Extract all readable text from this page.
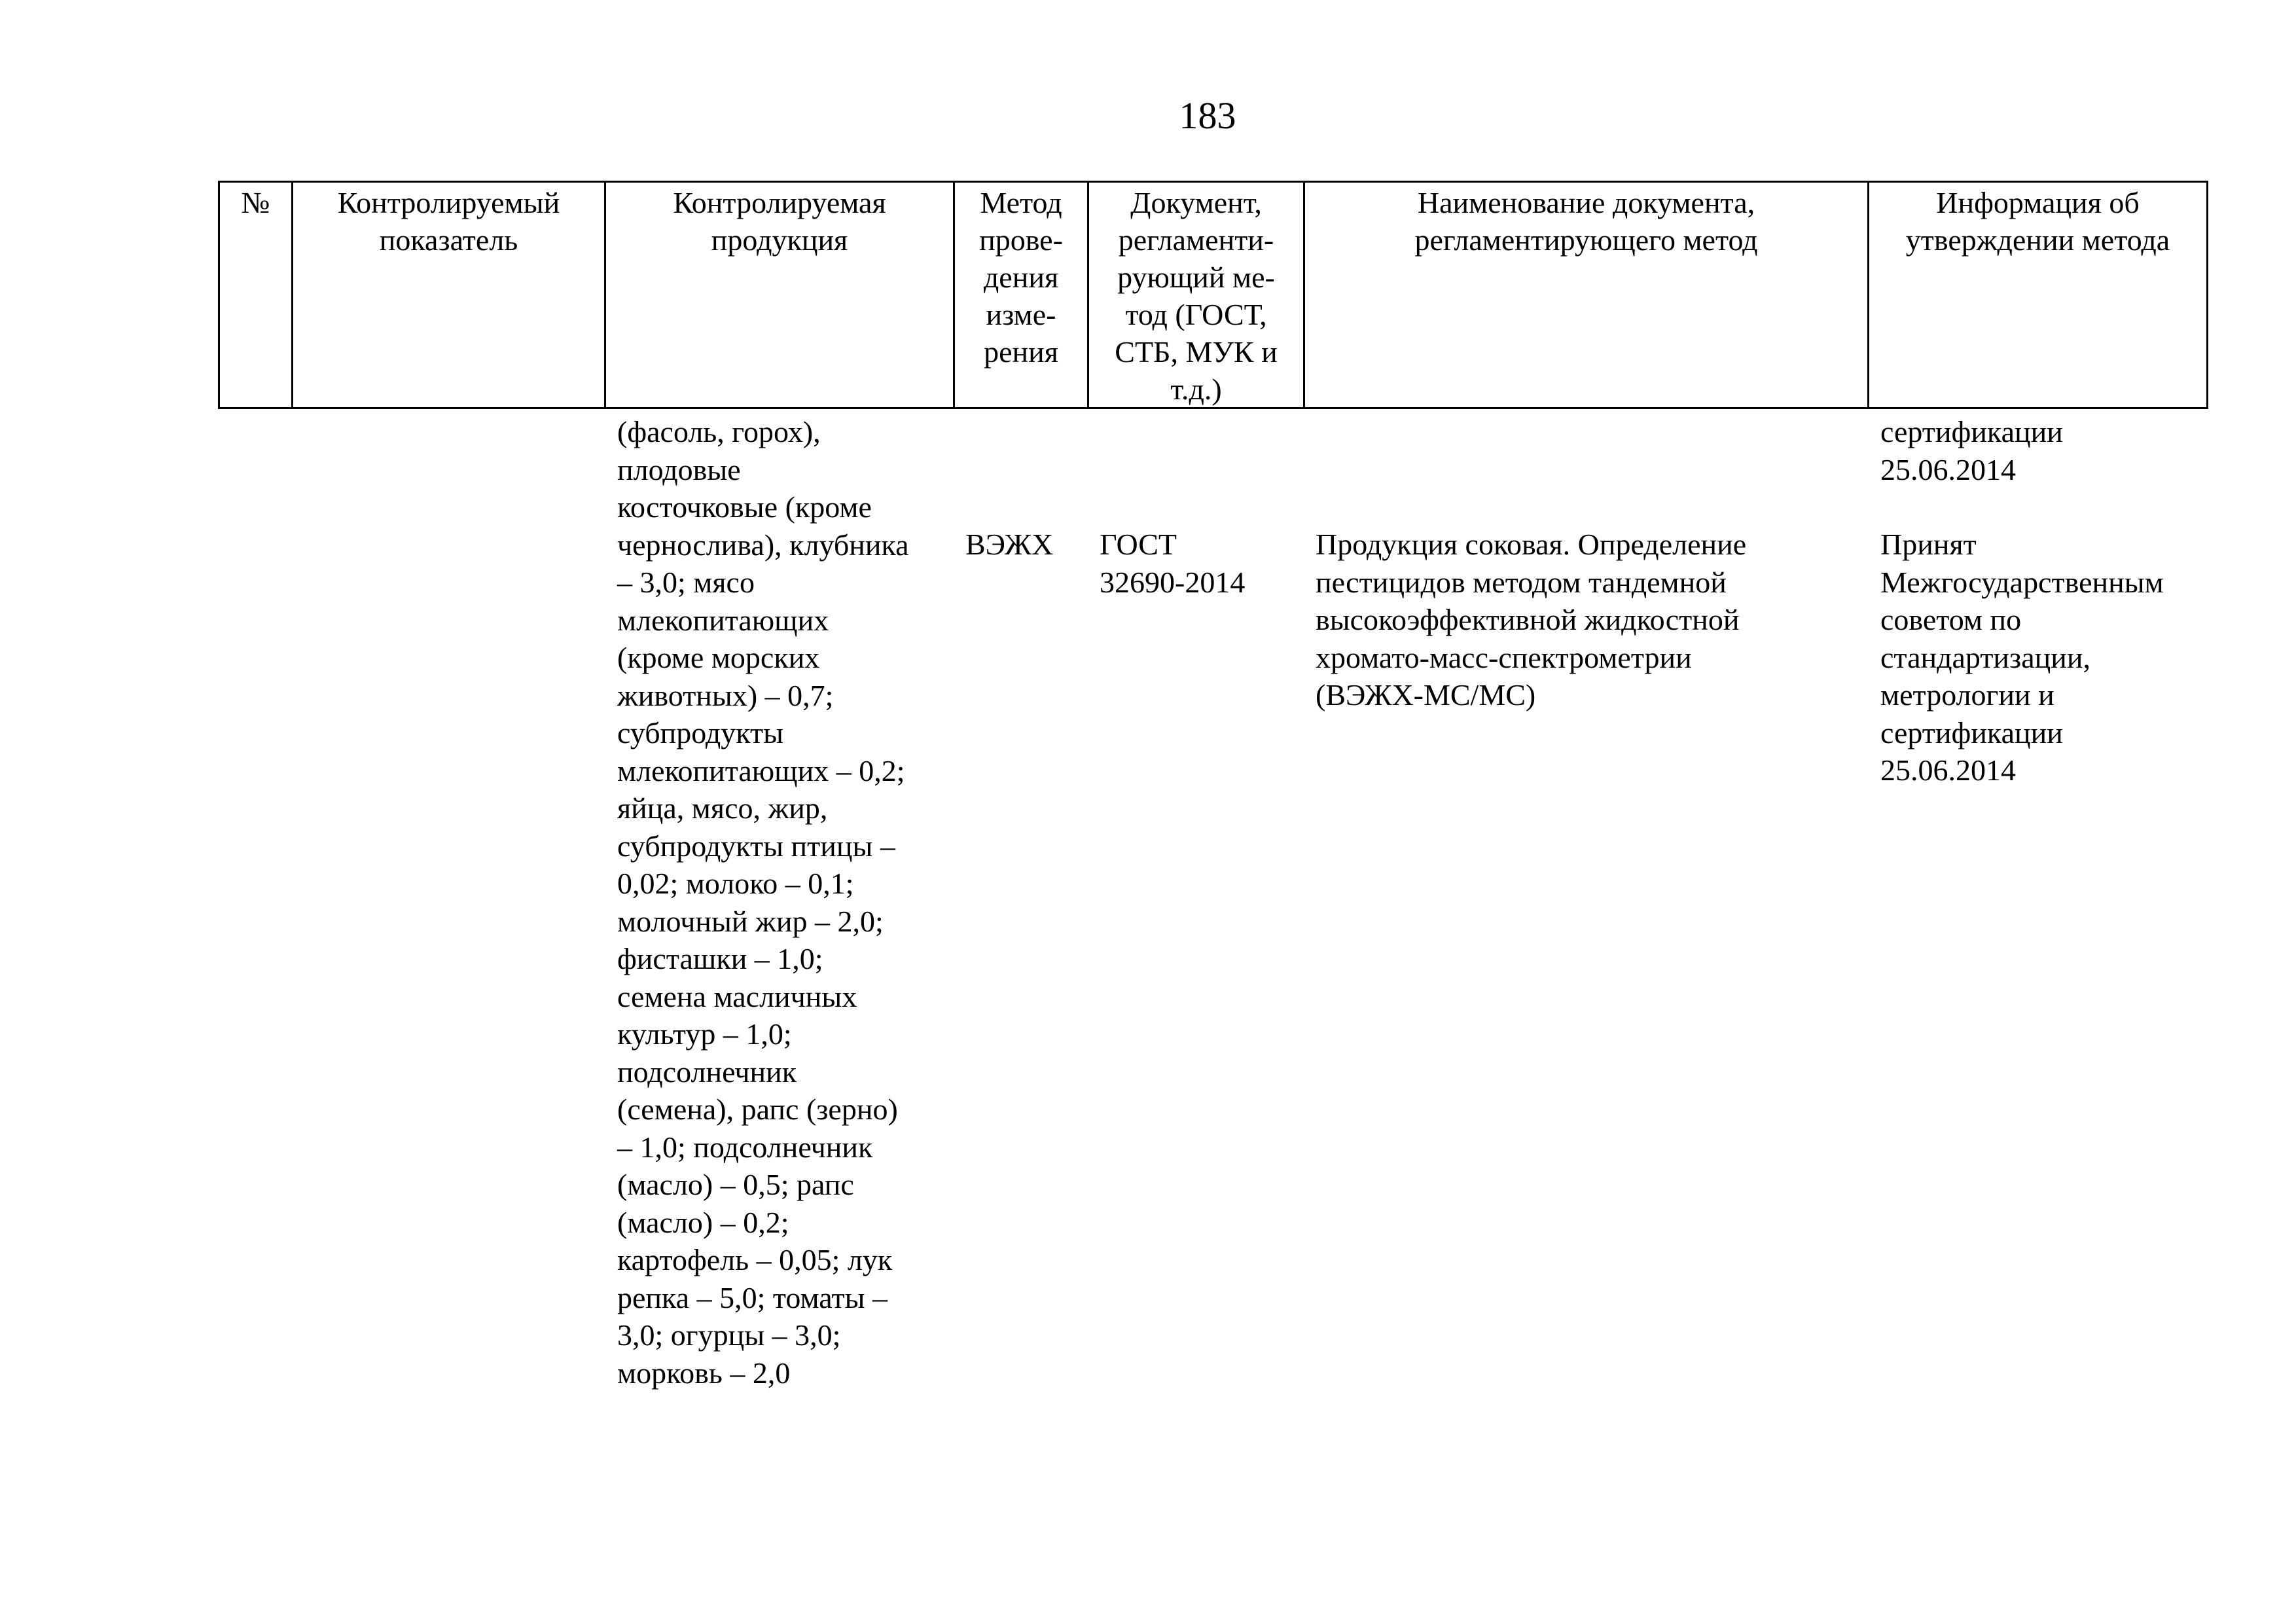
183
№	Контролируемый
показатель
Контролируемая
продукция
Метод
прове-
дения
изме-
рения
Документ,
регламенти-
рующий ме-
тод (ГОСТ,
СТБ, МУК и
т.д.)
Наименование документа,
регламентирующего метод
Информация об
утверждении метода
(фасоль, горох),
плодовые
косточковые (кроме
чернослива), клубника
– 3,0; мясо
млекопитающих
(кроме морских
животных) – 0,7;
субпродукты
млекопитающих – 0,2;
яйца, мясо, жир,
субпродукты птицы –
0,02; молоко – 0,1;
молочный жир – 2,0;
фисташки – 1,0;
семена масличных
культур – 1,0;
подсолнечник
(семена), рапс (зерно)
– 1,0; подсолнечник
(масло) – 0,5; рапс
(масло) – 0,2;
картофель – 0,05; лук
репка – 5,0; томаты –
3,0; огурцы – 3,0;
морковь – 2,0
ВЭЖХ	ГОСТ
32690-2014
Продукция соковая. Определение
пестицидов методом тандемной
высокоэффективной жидкостной
хромато-масс-спектрометрии
(ВЭЖХ-МС/МС)
сертификации
25.06.2014
Принят
Межгосударственным
советом по
стандартизации,
метрологии и
сертификации
25.06.2014
